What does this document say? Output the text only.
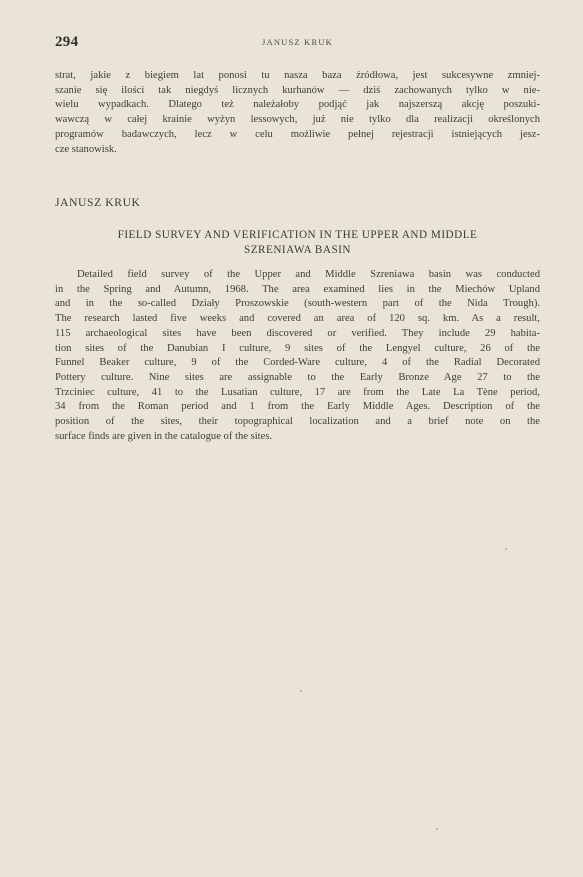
294	JANUSZ KRUK
strat, jakie z biegiem lat ponosi tu nasza baza źródłowa, jest sukcesywne zmniej-
szanie się ilości tak niegdyś licznych kurhanów — dziś zachowanych tylko w nie-
wielu wypadkach. Dlatego też należałoby podjąć jak najszerszą akcję poszuki-
wawczą w całej krainie wyżyn lessowych, już nie tylko dla realizacji określonych
programów badawczych, lecz w celu możliwie pełnej rejestracji istniejących jesz-
cze stanowisk.
JANUSZ KRUK
FIELD SURVEY AND VERIFICATION IN THE UPPER AND MIDDLE
SZRENIAWA BASIN
Detailed field survey of the Upper and Middle Szreniawa basin was conducted
in the Spring and Autumn, 1968. The area examined lies in the Miechów Upland
and in the so-called Działy Proszowskie (south-western part of the Nida Trough).
The research lasted five weeks and covered an area of 120 sq. km. As a result,
115 archaeological sites have been discovered or verified. They include 29 habita-
tion sites of the Danubian I culture, 9 sites of the Lengyel culture, 26 of the
Funnel Beaker culture, 9 of the Corded-Ware culture, 4 of the Radial Decorated
Pottery culture. Nine sites are assignable to the Early Bronze Age 27 to the
Trzciniec culture, 41 to the Lusatian culture, 17 are from the Late La Tène period,
34 from the Roman period and 1 from the Early Middle Ages. Description of the
position of the sites, their topographical localization and a brief note on the
surface finds are given in the catalogue of the sites.
